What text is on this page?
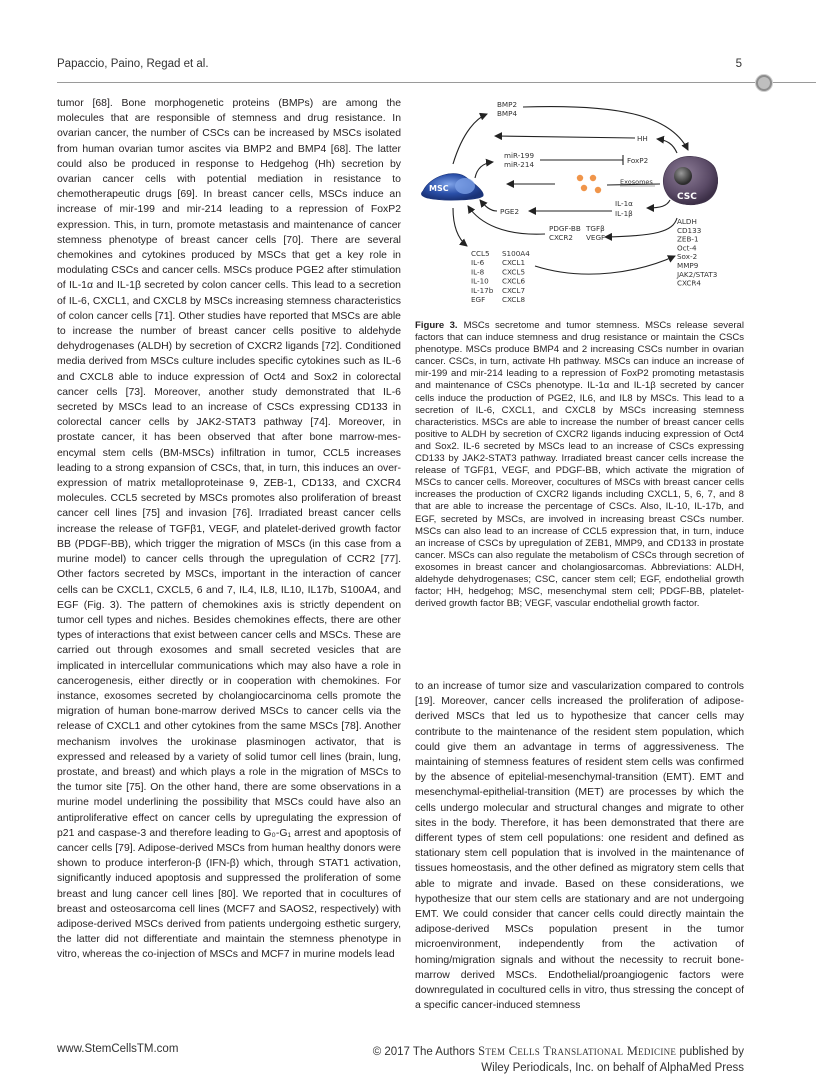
Papaccio, Paino, Regad et al.	5

tumor [68]. Bone morphogenetic proteins (BMPs) are among the molecules that are responsible of stemness and drug resistance. In ovarian cancer, the number of CSCs can be increased by MSCs isolated from human ovarian tumor ascites via BMP2 and BMP4 [68]. The latter could also be produced in response to Hedgehog (Hh) secretion by ovarian cancer cells with potential mediation in resistance to chemotherapeutic drugs [69]. In breast cancer cells, MSCs induce an increase of mir-199 and mir-214 leading to a repression of FoxP2 expression. This, in turn, promote metastasis and maintenance of cancer stemness phenotype of breast cancer cells [70]. There are several chemokines and cytokines produced by MSCs that get a key role in modulating CSCs and cancer cells. MSCs produce PGE2 after stimulation of IL-1α and IL-1β secreted by colon cancer cells. This lead to a secretion of IL-6, CXCL1, and CXCL8 by MSCs increasing stemness characteristics of colon cancer cells [71]. Other studies have reported that MSCs are able to increase the number of breast cancer cells positive to aldehyde dehydrogenases (ALDH) by secretion of CXCR2 ligands [72]. Conditioned media derived from MSCs culture includes specific cytokines such as IL-6 and CXCL8 able to induce expression of Oct4 and Sox2 in colorectal cancer cells [73]. Moreover, another study demonstrated that IL-6 secreted by MSCs lead to an increase of CSCs expressing CD133 in colorectal cancer cells by JAK2-STAT3 pathway [74]. Moreover, in prostate cancer, it has been observed that after bone marrow-mesencymal stem cells (BM-MSCs) infiltration in tumor, CCL5 increases leading to a strong expansion of CSCs, that, in turn, this induces an over-expression of matrix metalloproteinase 9, ZEB-1, CD133, and CXCR4 molecules. CCL5 secreted by MSCs promotes also proliferation of breast cancer cell lines [75] and invasion [76]. Irradiated breast cancer cells increase the release of TGFβ1, VEGF, and platelet-derived growth factor BB (PDGF-BB), which trigger the migration of MSCs (in this case from a murine model) to cancer cells through the upregulation of CCR2 [77]. Other factors secreted by MSCs, important in the interaction of cancer cells can be CXCL1, CXCL5, 6 and 7, IL4, IL8, IL10, IL17b, S100A4, and EGF (Fig. 3). The pattern of chemokines axis is strictly dependent on tumor cell types and niches. Besides chemokines effects, there are other types of interactions that exist between cancer cells and MSCs. These are carried out through exosomes and small secreted vesicles that are implicated in intercellular communications which may also have a role in cancerogenesis, either directly or in cooperation with chemokines. For instance, exosomes secreted by cholangiocarcinoma cells promote the migration of human bone-marrow derived MSCs to cancer cells via the release of CXCL1 and other cytokines from the same MSCs [78]. Another mechanism involves the urokinase plasminogen activator, that is expressed and released by a variety of solid tumor cell lines (brain, lung, prostate, and breast) and which plays a role in the migration of MSCs to the tumor site [75]. On the other hand, there are some observations in a murine model underlining the possibility that MSCs could have also an antiproliferative effect on cancer cells by upregulating the expression of p21 and caspase-3 and therefore leading to G₀-G₁ arrest and apoptosis of cancer cells [79]. Adipose-derived MSCs from human healthy donors were shown to produce interferon-β (IFN-β) which, through STAT1 activation, significantly induced apoptosis and suppressed the proliferation of some breast and lung cancer cell lines [80]. We reported that in cocultures of breast and osteosarcoma cell lines (MCF7 and SAOS2, respectively) with adipose-derived MSCs derived from patients undergoing esthetic surgery, the latter did not differentiate and maintain the stemness phenotype in vitro, whereas the co-injection of MSCs and MCF7 in murine models lead

MSC
CSC
BMP2
BMP4
HH
miR-199
miR-214	FoxP2
Exosomes
IL-1α
IL-1β
PGE2
PDGF-BB
CXCR2
TGFβ
VEGF
ALDH
CD133
ZEB-1
Oct-4
Sox-2
MMP9
JAK2/STAT3
CXCR4
CCL5
IL-6
IL-8
IL-10
IL-17b
EGF
S100A4
CXCL1
CXCL5
CXCL6
CXCL7
CXCL8
Figure 3. MSCs secretome and tumor stemness. MSCs release several factors that can induce stemness and drug resistance or maintain the CSCs phenotype. MSCs produce BMP4 and 2 increasing CSCs number in ovarian cancer. CSCs, in turn, activate Hh pathway. MSCs can induce an increase of mir-199 and mir-214 leading to a repression of FoxP2 promoting metastasis and maintenance of CSCs phenotype. IL-1α and IL-1β secreted by cancer cells induce the production of PGE2, IL6, and IL8 by MSCs. This lead to a secretion of IL-6, CXCL1, and CXCL8 by MSCs increasing stemness characteristics. MSCs are able to increase the number of breast cancer cells positive to ALDH by secretion of CXCR2 ligands inducing expression of Oct4 and Sox2. IL-6 secreted by MSCs lead to an increase of CSCs expressing CD133 by JAK2-STAT3 pathway. Irradiated breast cancer cells increase the release of TGFβ1, VEGF, and PDGF-BB, which activate the migration of MSCs to cancer cells. Moreover, cocultures of MSCs with breast cancer cells increases the production of CXCR2 ligands including CXCL1, 5, 6, 7, and 8 that are able to increase the percentage of CSCs. Also, IL-10, IL-17b, and EGF, secreted by MSCs, are involved in increasing breast CSCs number. MSCs can also lead to an increase of CCL5 expression that, in turn, induce an increase of CSCs by upregulation of ZEB1, MMP9, and CD133 in prostate cancer. MSCs can also regulate the metabolism of CSCs through secretion of exosomes in breast cancer and cholangiosarcomas. Abbreviations: ALDH, aldehyde dehydrogenases; CSC, cancer stem cell; EGF, endothelial growth factor; HH, hedgehog; MSC, mesenchymal stem cell; PDGF-BB, platelet-derived growth factor BB; VEGF, vascular endothelial growth factor.

to an increase of tumor size and vascularization compared to controls [19]. Moreover, cancer cells increased the proliferation of adipose-derived MSCs that led us to hypothesize that cancer cells may contribute to the maintenance of the resident stem population, which could give them an advantage in terms of aggressiveness. The maintaining of stemness features of resident stem cells was confirmed by the absence of epitelial-mesenchymal-transition (EMT). EMT and mesenchymal-epithelial-transition (MET) are processes by which the cells undergo molecular and structural changes and migrate to other sites in the body. Therefore, it has been demonstrated that there are different types of stem cell populations: one resident and defined as stationary stem cell population that is involved in the maintenance of tissues homeostasis, and the other defined as migratory stem cells that able to migrate and invade. Based on these considerations, we hypothesize that our stem cells are stationary and are not undergoing EMT. We could consider that cancer cells could directly maintain the adipose-derived MSCs population present in the tumor microenvironment, independently from the activation of homing/migration signals and without the necessity to recruit bone-marrow derived MSCs. Endothelial/proangiogenic factors were downregulated in cocultured cells in vitro, thus stressing the concept of a specific cancer-induced stemness

www.StemCellsTM.com	© 2017 The Authors Stem Cells Translational Medicine published by
Wiley Periodicals, Inc. on behalf of AlphaMed Press
